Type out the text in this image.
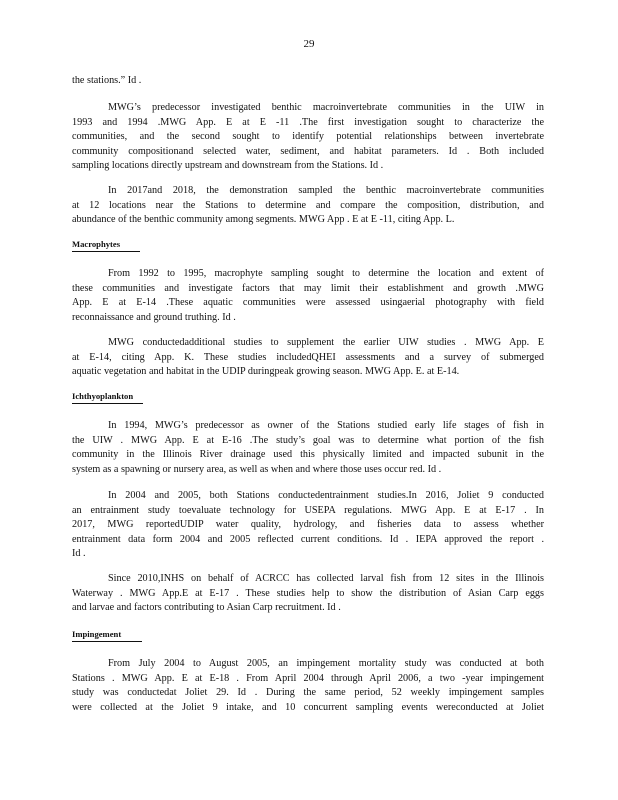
29
the stations.” Id .
MWG’s predecessor investigated benthic macroinvertebrate communities in the UIW in
1993 and 1994 .MWG App. E at E -11 .The first investigation sought to characterize the
communities, and the second sought to identify potential relationships between invertebrate
community compositionand selected water, sediment, and habitat parameters. Id . Both included
sampling locations directly upstream and downstream from the Stations. Id .
In 2017and 2018, the demonstration sampled the benthic macroinvertebrate communities
at 12 locations near the Stations to determine and compare the composition, distribution, and
abundance of the benthic community among segments. MWG App . E at E -11, citing App. L.
Macrophytes
From 1992 to 1995, macrophyte sampling sought to determine the location and extent of
these communities and investigate factors that may limit their establishment and growth .MWG
App. E at E-14 .These aquatic communities were assessed usingaerial photography with field
reconnaissance and ground truthing. Id .
MWG conductedadditional studies to supplement the earlier UIW studies . MWG App. E
at E-14, citing App. K. These studies includedQHEI assessments and a survey of submerged
aquatic vegetation and habitat in the UDIP duringpeak growing season. MWG App. E. at E-14.
Ichthyoplankton
In 1994, MWG’s predecessor as owner of the Stations studied early life stages of fish in
the UIW . MWG App. E at E-16 .The study’s goal was to determine what portion of the fish
community in the Illinois River drainage used this physically limited and impacted subunit in the
system as a spawning or nursery area, as well as when and where those uses occur red. Id .
In 2004 and 2005, both Stations conductedentrainment studies.In 2016, Joliet 9 conducted
an entrainment study toevaluate technology for USEPA regulations. MWG App. E at E-17 . In
2017, MWG reportedUDIP water quality, hydrology, and fisheries data to assess whether
entrainment data form 2004 and 2005 reflected current conditions. Id . IEPA approved the report .
Id .
Since 2010,INHS on behalf of ACRCC has collected larval fish from 12 sites in the Illinois
Waterway . MWG App.E at E-17 . These studies help to show the distribution of Asian Carp eggs
and larvae and factors contributing to Asian Carp recruitment. Id .
Impingement
From July 2004 to August 2005, an impingement mortality study was conducted at both
Stations . MWG App. E at E-18 . From April 2004 through April 2006, a two -year impingement
study was conductedat Joliet 29. Id . During the same period, 52 weekly impingement samples
were collected at the Joliet 9 intake, and 10 concurrent sampling events wereconducted at Joliet
